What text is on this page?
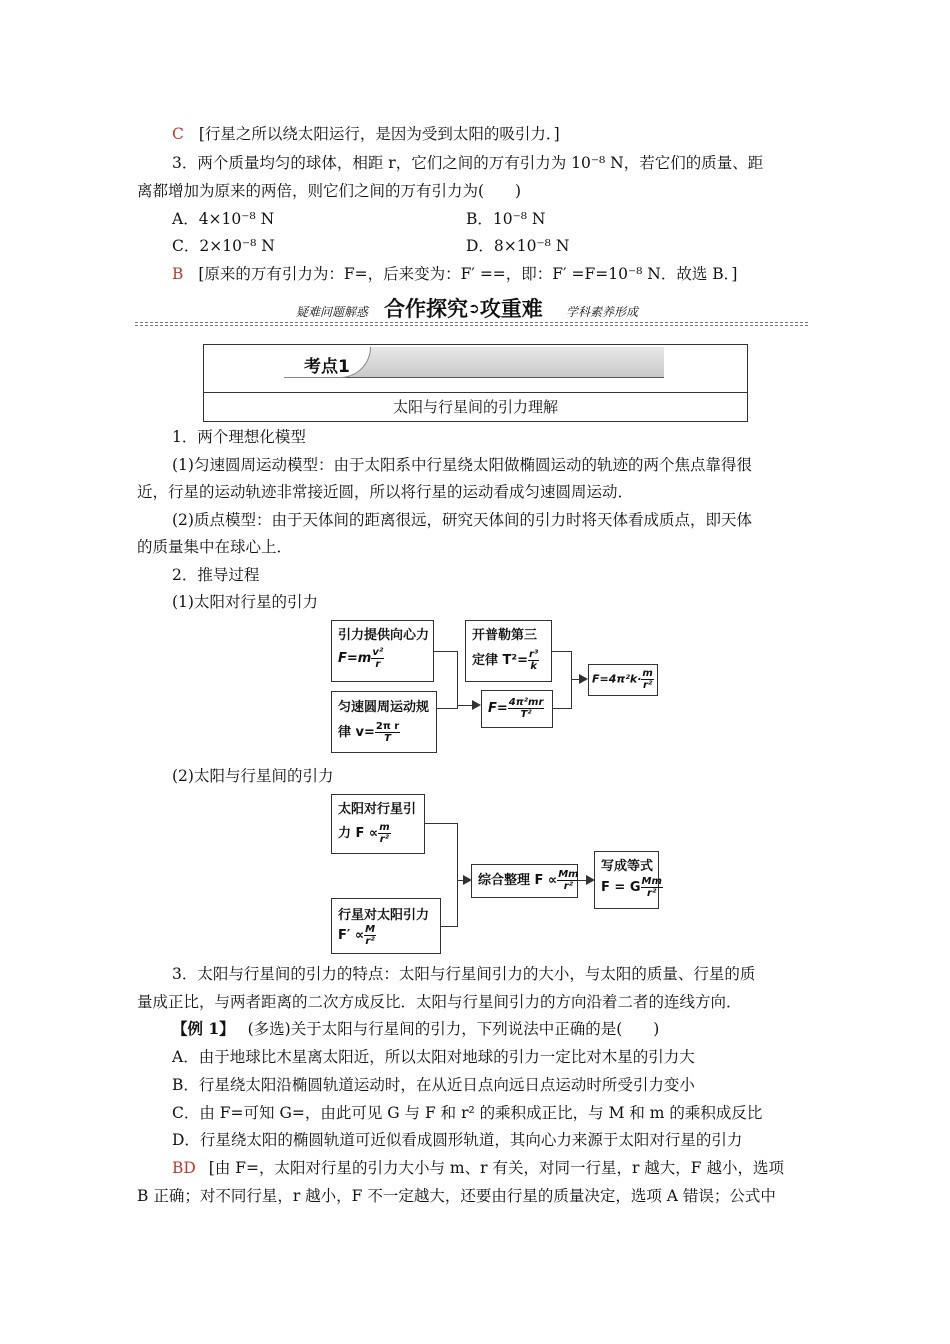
C [行星之所以绕太阳运行，是因为受到太阳的吸引力．]
3．两个质量均匀的球体，相距 r，它们之间的万有引力为 10⁻⁸ N，若它们的质量、距
离都增加为原来的两倍，则它们之间的万有引力为(　　)
A．4×10⁻⁸ N	B．10⁻⁸ N
C．2×10⁻⁸ N	D．8×10⁻⁸ N
B [原来的万有引力为：F=，后来变为：F′ ==，即：F′ =F=10⁻⁸ N．故选 B．]
疑难问题解惑 合作探究➲攻重难 学科素养形成
考点1
太阳与行星间的引力理解
1．两个理想化模型
(1)匀速圆周运动模型：由于太阳系中行星绕太阳做椭圆运动的轨迹的两个焦点靠得很
近，行星的运动轨迹非常接近圆，所以将行星的运动看成匀速圆周运动．
(2)质点模型：由于天体间的距离很远，研究天体间的引力时将天体看成质点，即天体
的质量集中在球心上．
2．推导过程
(1)太阳对行星的引力
引力提供向心力
$F=m \frac{\text{v²}}{r}$
匀速圆周运动规
律 $v= \frac{\text{2π r}}{T}$
开普勒第三
定律 $T^2= \frac{\text{r³}}{k}$
$F= \frac{\text{4π²mr}}{\text{T²}}$
$F=4\pi^2k\cdot \frac{m}{\text{r²}}$
(2)太阳与行星间的引力
太阳对行星引
力 $F \propto \frac{m}{\text{r²}}$
行星对太阳引力
$F' \propto \frac{M}{\text{r²}}$
综合整理 $F \propto \frac{Mm}{\text{r²}}$
写成等式
F = G $\frac{Mm}{\text{r²}}$
3．太阳与行星间的引力的特点：太阳与行星间引力的大小，与太阳的质量、行星的质
量成正比，与两者距离的二次方成反比．太阳与行星间引力的方向沿着二者的连线方向．
【例 1】 (多选)关于太阳与行星间的引力，下列说法中正确的是(　　)
A．由于地球比木星离太阳近，所以太阳对地球的引力一定比对木星的引力大
B．行星绕太阳沿椭圆轨道运动时，在从近日点向远日点运动时所受引力变小
C．由 F=可知 G=，由此可见 G 与 F 和 r² 的乘积成正比，与 M 和 m 的乘积成反比
D．行星绕太阳的椭圆轨道可近似看成圆形轨道，其向心力来源于太阳对行星的引力
BD [由 F=，太阳对行星的引力大小与 m、r 有关，对同一行星，r 越大，F 越小，选项
B 正确；对不同行星，r 越小，F 不一定越大，还要由行星的质量决定，选项 A 错误；公式中
